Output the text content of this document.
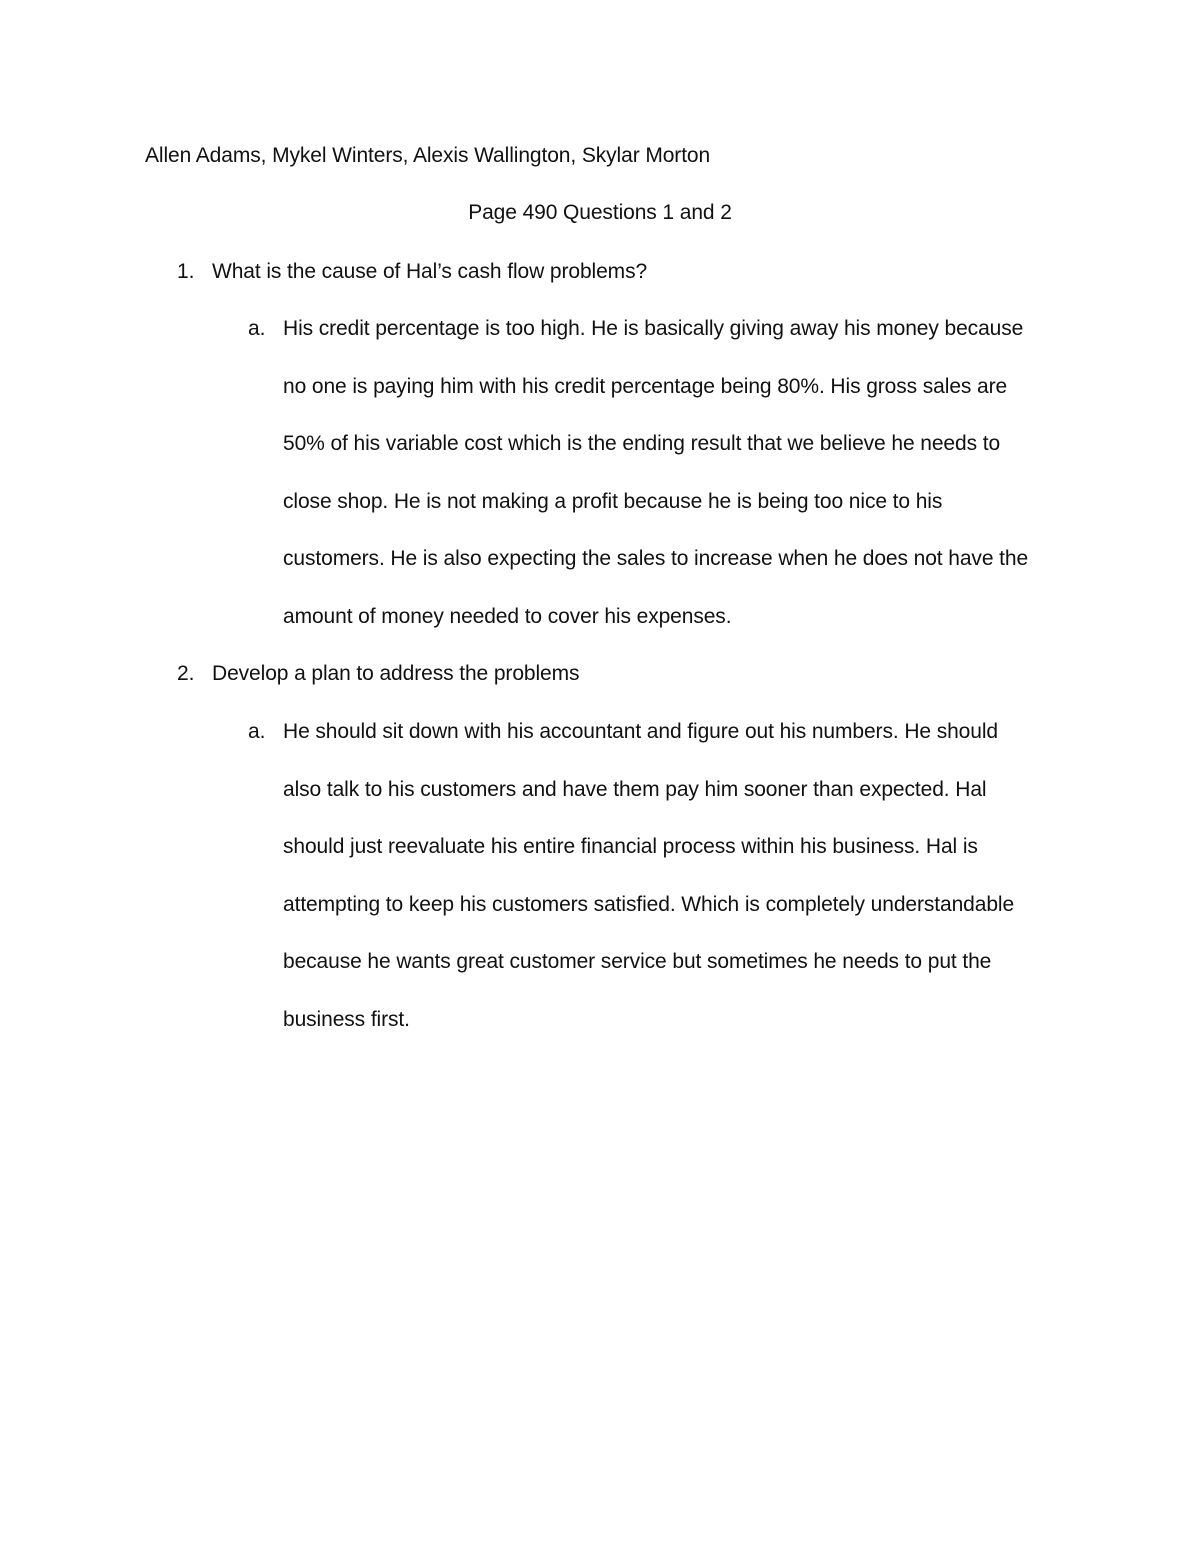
Allen Adams, Mykel Winters, Alexis Wallington, Skylar Morton
Page 490 Questions 1 and 2
1. What is the cause of Hal’s cash flow problems?
a. His credit percentage is too high. He is basically giving away his money because
no one is paying him with his credit percentage being 80%. His gross sales are
50% of his variable cost which is the ending result that we believe he needs to
close shop. He is not making a profit because he is being too nice to his
customers. He is also expecting the sales to increase when he does not have the
amount of money needed to cover his expenses.
2. Develop a plan to address the problems
a. He should sit down with his accountant and figure out his numbers. He should
also talk to his customers and have them pay him sooner than expected. Hal
should just reevaluate his entire financial process within his business. Hal is
attempting to keep his customers satisfied. Which is completely understandable
because he wants great customer service but sometimes he needs to put the
business first.
